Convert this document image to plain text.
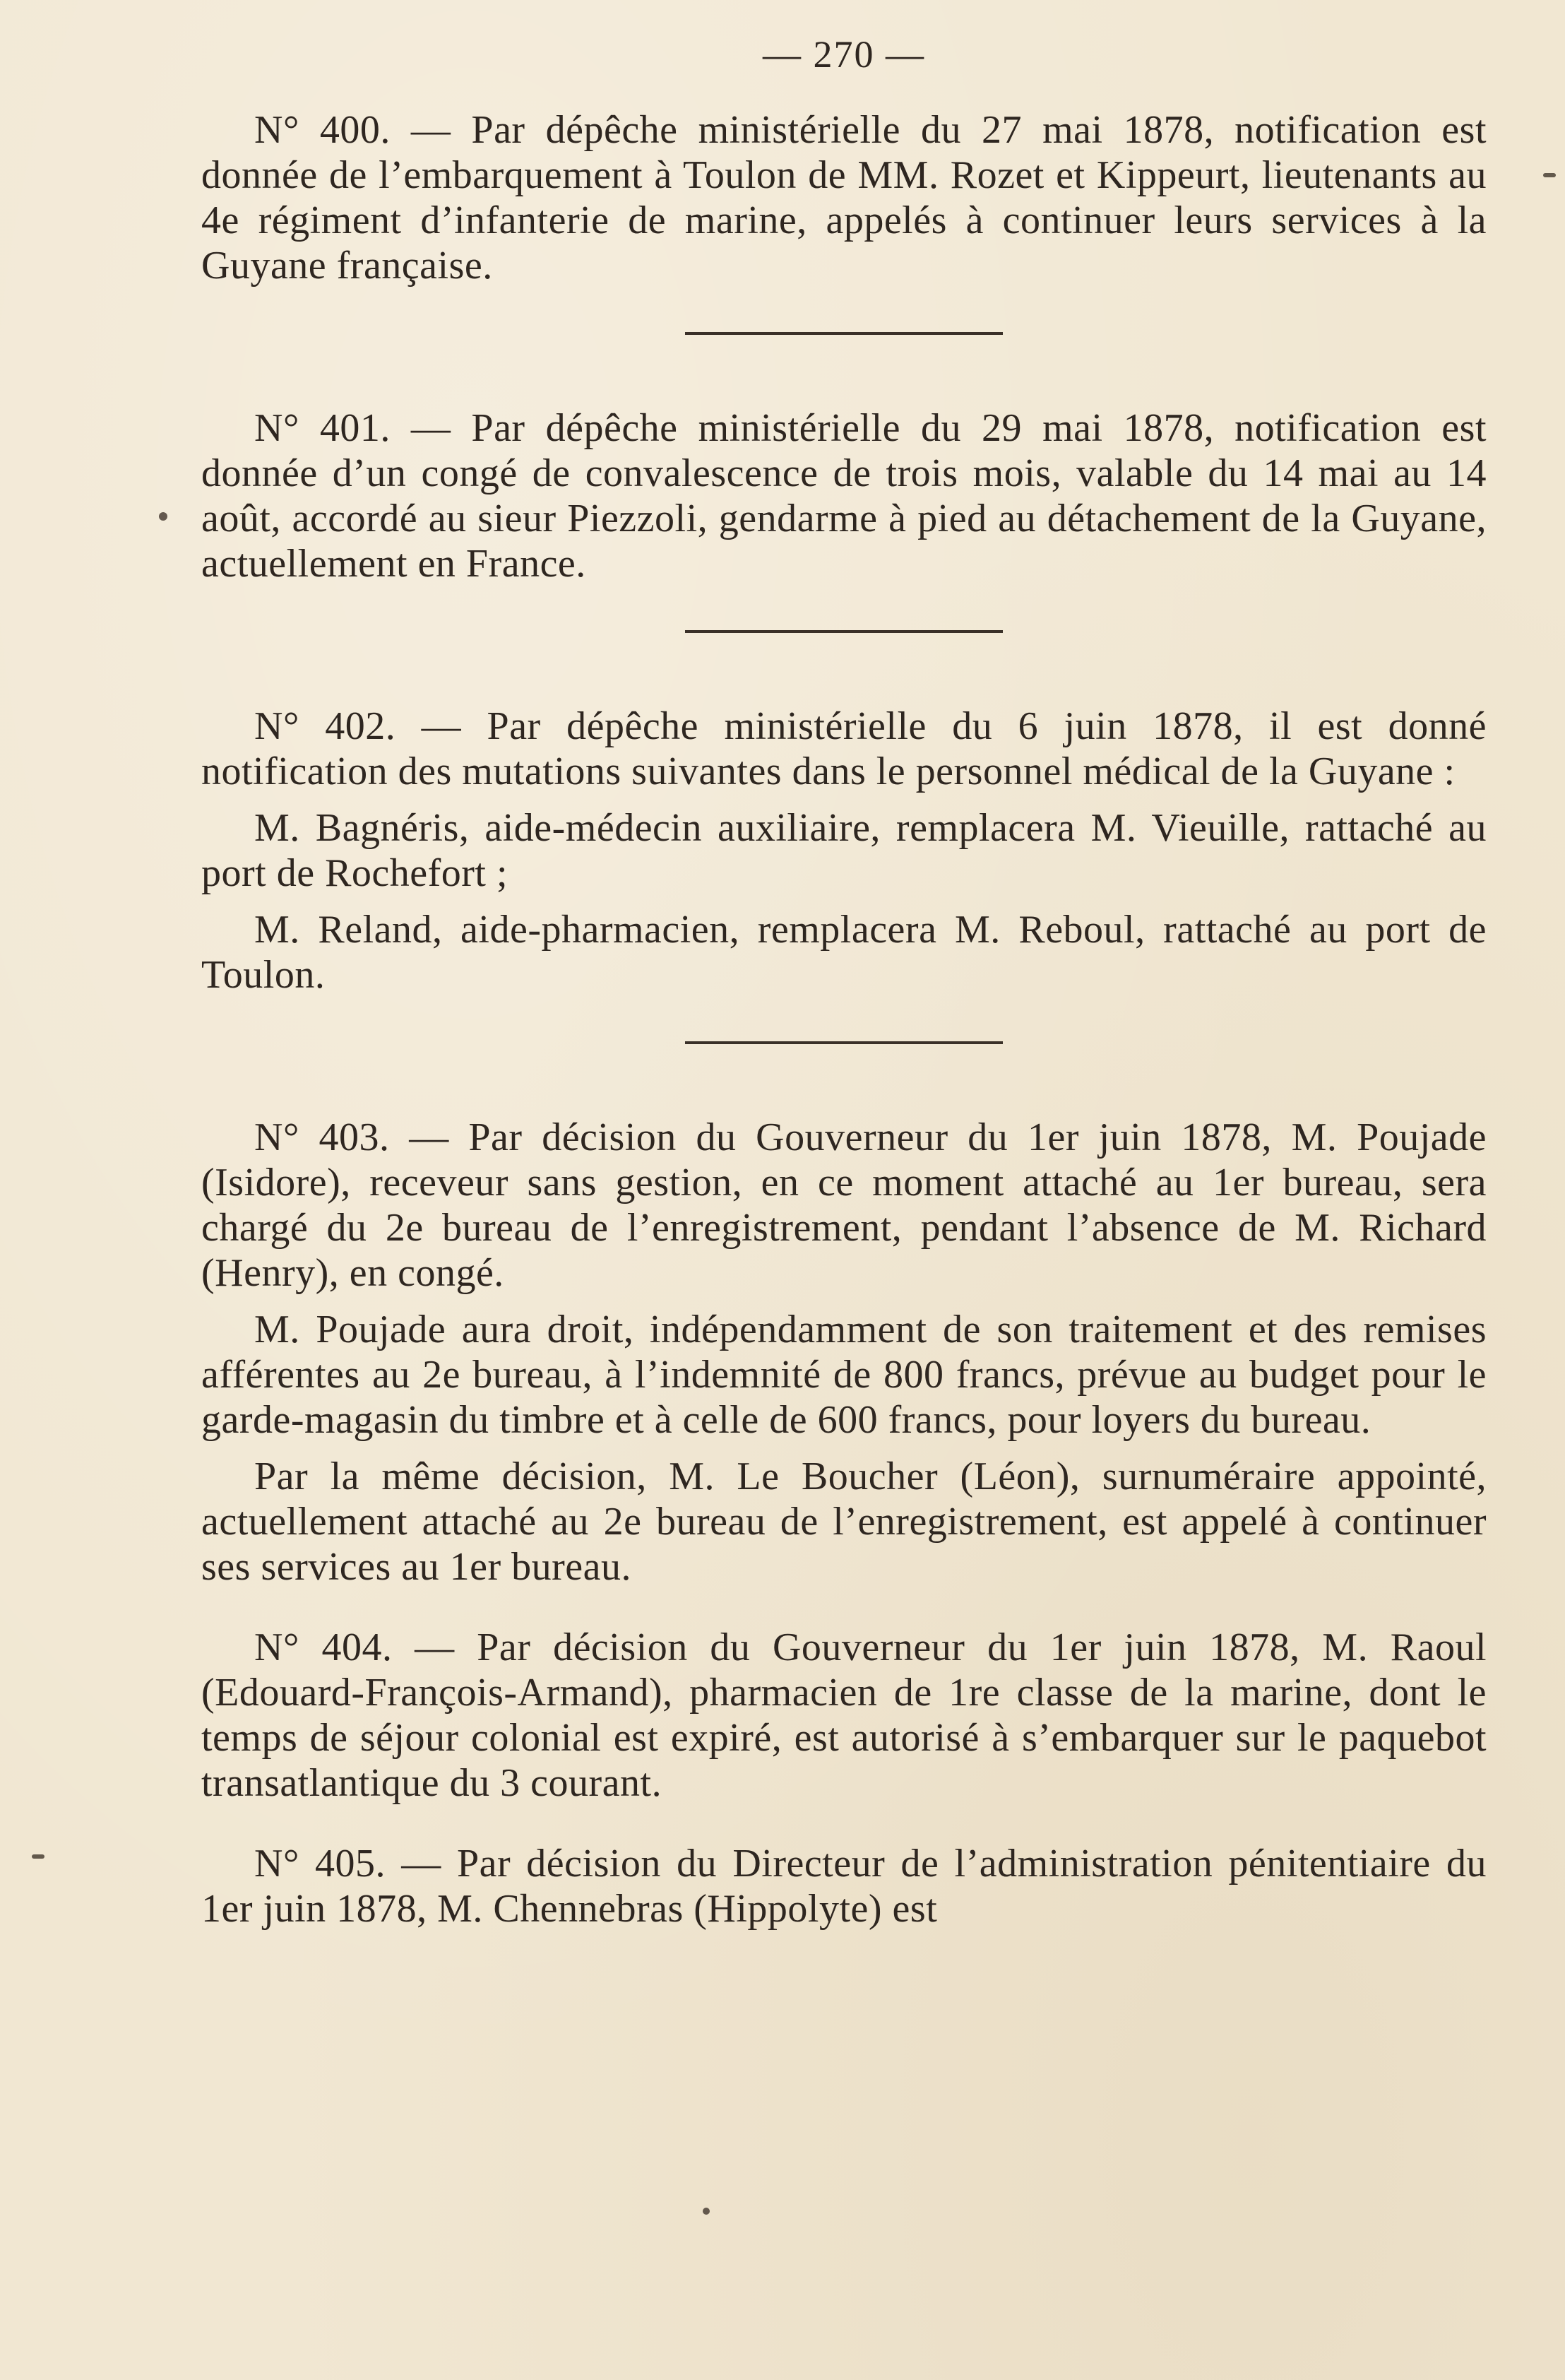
— 270 —

N° 400. — Par dépêche ministérielle du 27 mai 1878, notification est donnée de l’embarquement à Toulon de MM. Rozet et Kippeurt, lieutenants au 4e régiment d’infanterie de marine, appelés à continuer leurs services à la Guyane française.

N° 401. — Par dépêche ministérielle du 29 mai 1878, notification est donnée d’un congé de convalescence de trois mois, valable du 14 mai au 14 août, accordé au sieur Piezzoli, gendarme à pied au détachement de la Guyane, actuellement en France.

N° 402. — Par dépêche ministérielle du 6 juin 1878, il est donné notification des mutations suivantes dans le personnel médical de la Guyane :

M. Bagnéris, aide-médecin auxiliaire, remplacera M. Vieuille, rattaché au port de Rochefort ;

M. Reland, aide-pharmacien, remplacera M. Reboul, rattaché au port de Toulon.

N° 403. — Par décision du Gouverneur du 1er juin 1878, M. Poujade (Isidore), receveur sans gestion, en ce moment attaché au 1er bureau, sera chargé du 2e bureau de l’enregistrement, pendant l’absence de M. Richard (Henry), en congé.

M. Poujade aura droit, indépendamment de son traitement et des remises afférentes au 2e bureau, à l’indemnité de 800 francs, prévue au budget pour le garde-magasin du timbre et à celle de 600 francs, pour loyers du bureau.

Par la même décision, M. Le Boucher (Léon), surnuméraire appointé, actuellement attaché au 2e bureau de l’enregistrement, est appelé à continuer ses services au 1er bureau.

N° 404. — Par décision du Gouverneur du 1er juin 1878, M. Raoul (Edouard-François-Armand), pharmacien de 1re classe de la marine, dont le temps de séjour colonial est expiré, est autorisé à s’embarquer sur le paquebot transatlantique du 3 courant.

N° 405. — Par décision du Directeur de l’administration pénitentiaire du 1er juin 1878, M. Chennebras (Hippolyte) est
